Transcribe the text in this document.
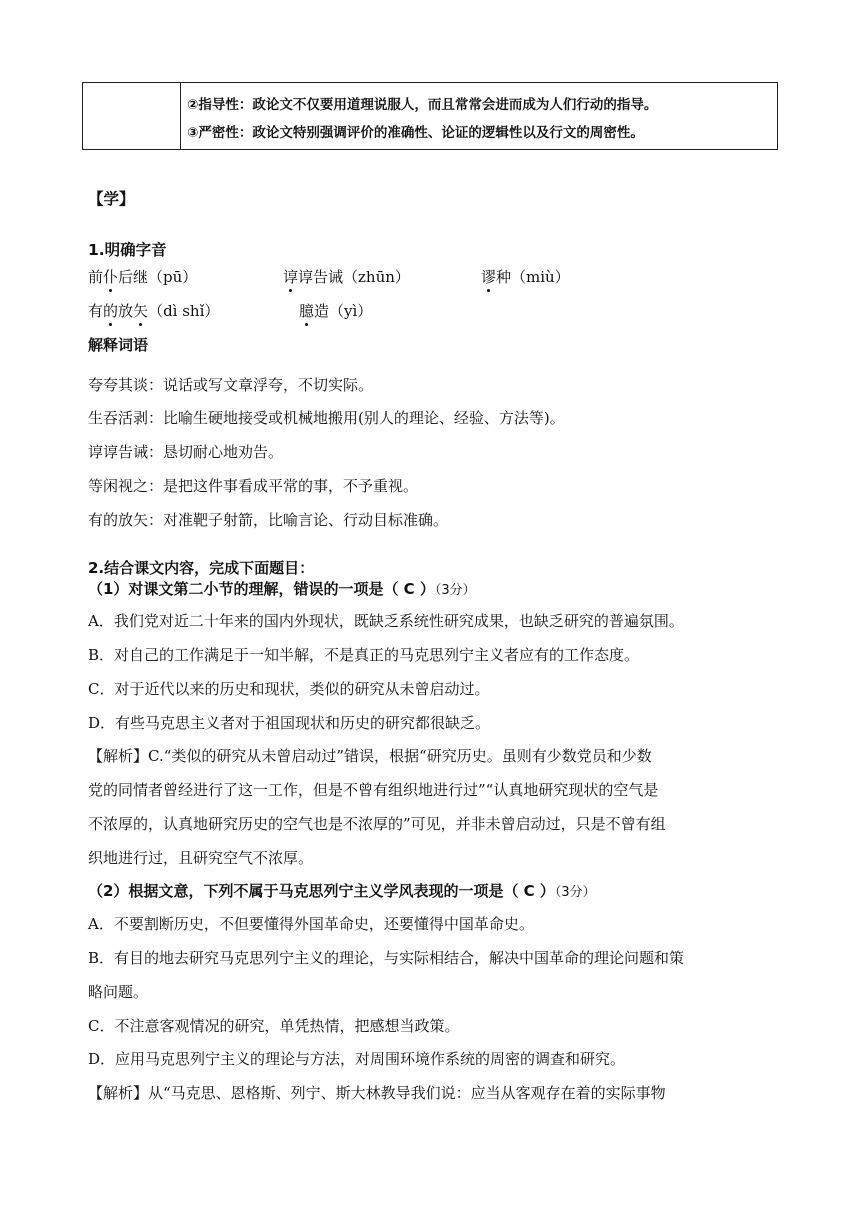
②指导性：政论文不仅要用道理说服人，而且常常会进而成为人们行动的指导。
③严密性：政论文特别强调评价的准确性、论证的逻辑性以及行文的周密性。
【学】
1.明确字音
前仆后继（pū）	谆谆告诫（zhūn）	谬种（miù）
有的放矢（dì shǐ）	臆造（yì）
解释词语
夸夸其谈：说话或写文章浮夸，不切实际。
生吞活剥：比喻生硬地接受或机械地搬用(别人的理论、经验、方法等)。
谆谆告诫：恳切耐心地劝告。
等闲视之：是把这件事看成平常的事，不予重视。
有的放矢：对准靶子射箭，比喻言论、行动目标准确。
2.结合课文内容，完成下面题目：
（1）对课文第二小节的理解，错误的一项是（ C ）（3分）
A．我们党对近二十年来的国内外现状，既缺乏系统性研究成果，也缺乏研究的普遍氛围。
B．对自己的工作满足于一知半解，不是真正的马克思列宁主义者应有的工作态度。
C．对于近代以来的历史和现状，类似的研究从未曾启动过。
D．有些马克思主义者对于祖国现状和历史的研究都很缺乏。
【解析】C.“类似的研究从未曾启动过”错误，根据“研究历史。虽则有少数党员和少数
党的同情者曾经进行了这一工作，但是不曾有组织地进行过”“认真地研究现状的空气是
不浓厚的，认真地研究历史的空气也是不浓厚的”可见，并非未曾启动过，只是不曾有组
织地进行过，且研究空气不浓厚。
（2）根据文意，下列不属于马克思列宁主义学风表现的一项是（ C ）（3分）
A．不要割断历史，不但要懂得外国革命史，还要懂得中国革命史。
B．有目的地去研究马克思列宁主义的理论，与实际相结合，解决中国革命的理论问题和策
略问题。
C．不注意客观情况的研究，单凭热情，把感想当政策。
D．应用马克思列宁主义的理论与方法，对周围环境作系统的周密的调查和研究。
【解析】从“马克思、恩格斯、列宁、斯大林教导我们说：应当从客观存在着的实际事物
